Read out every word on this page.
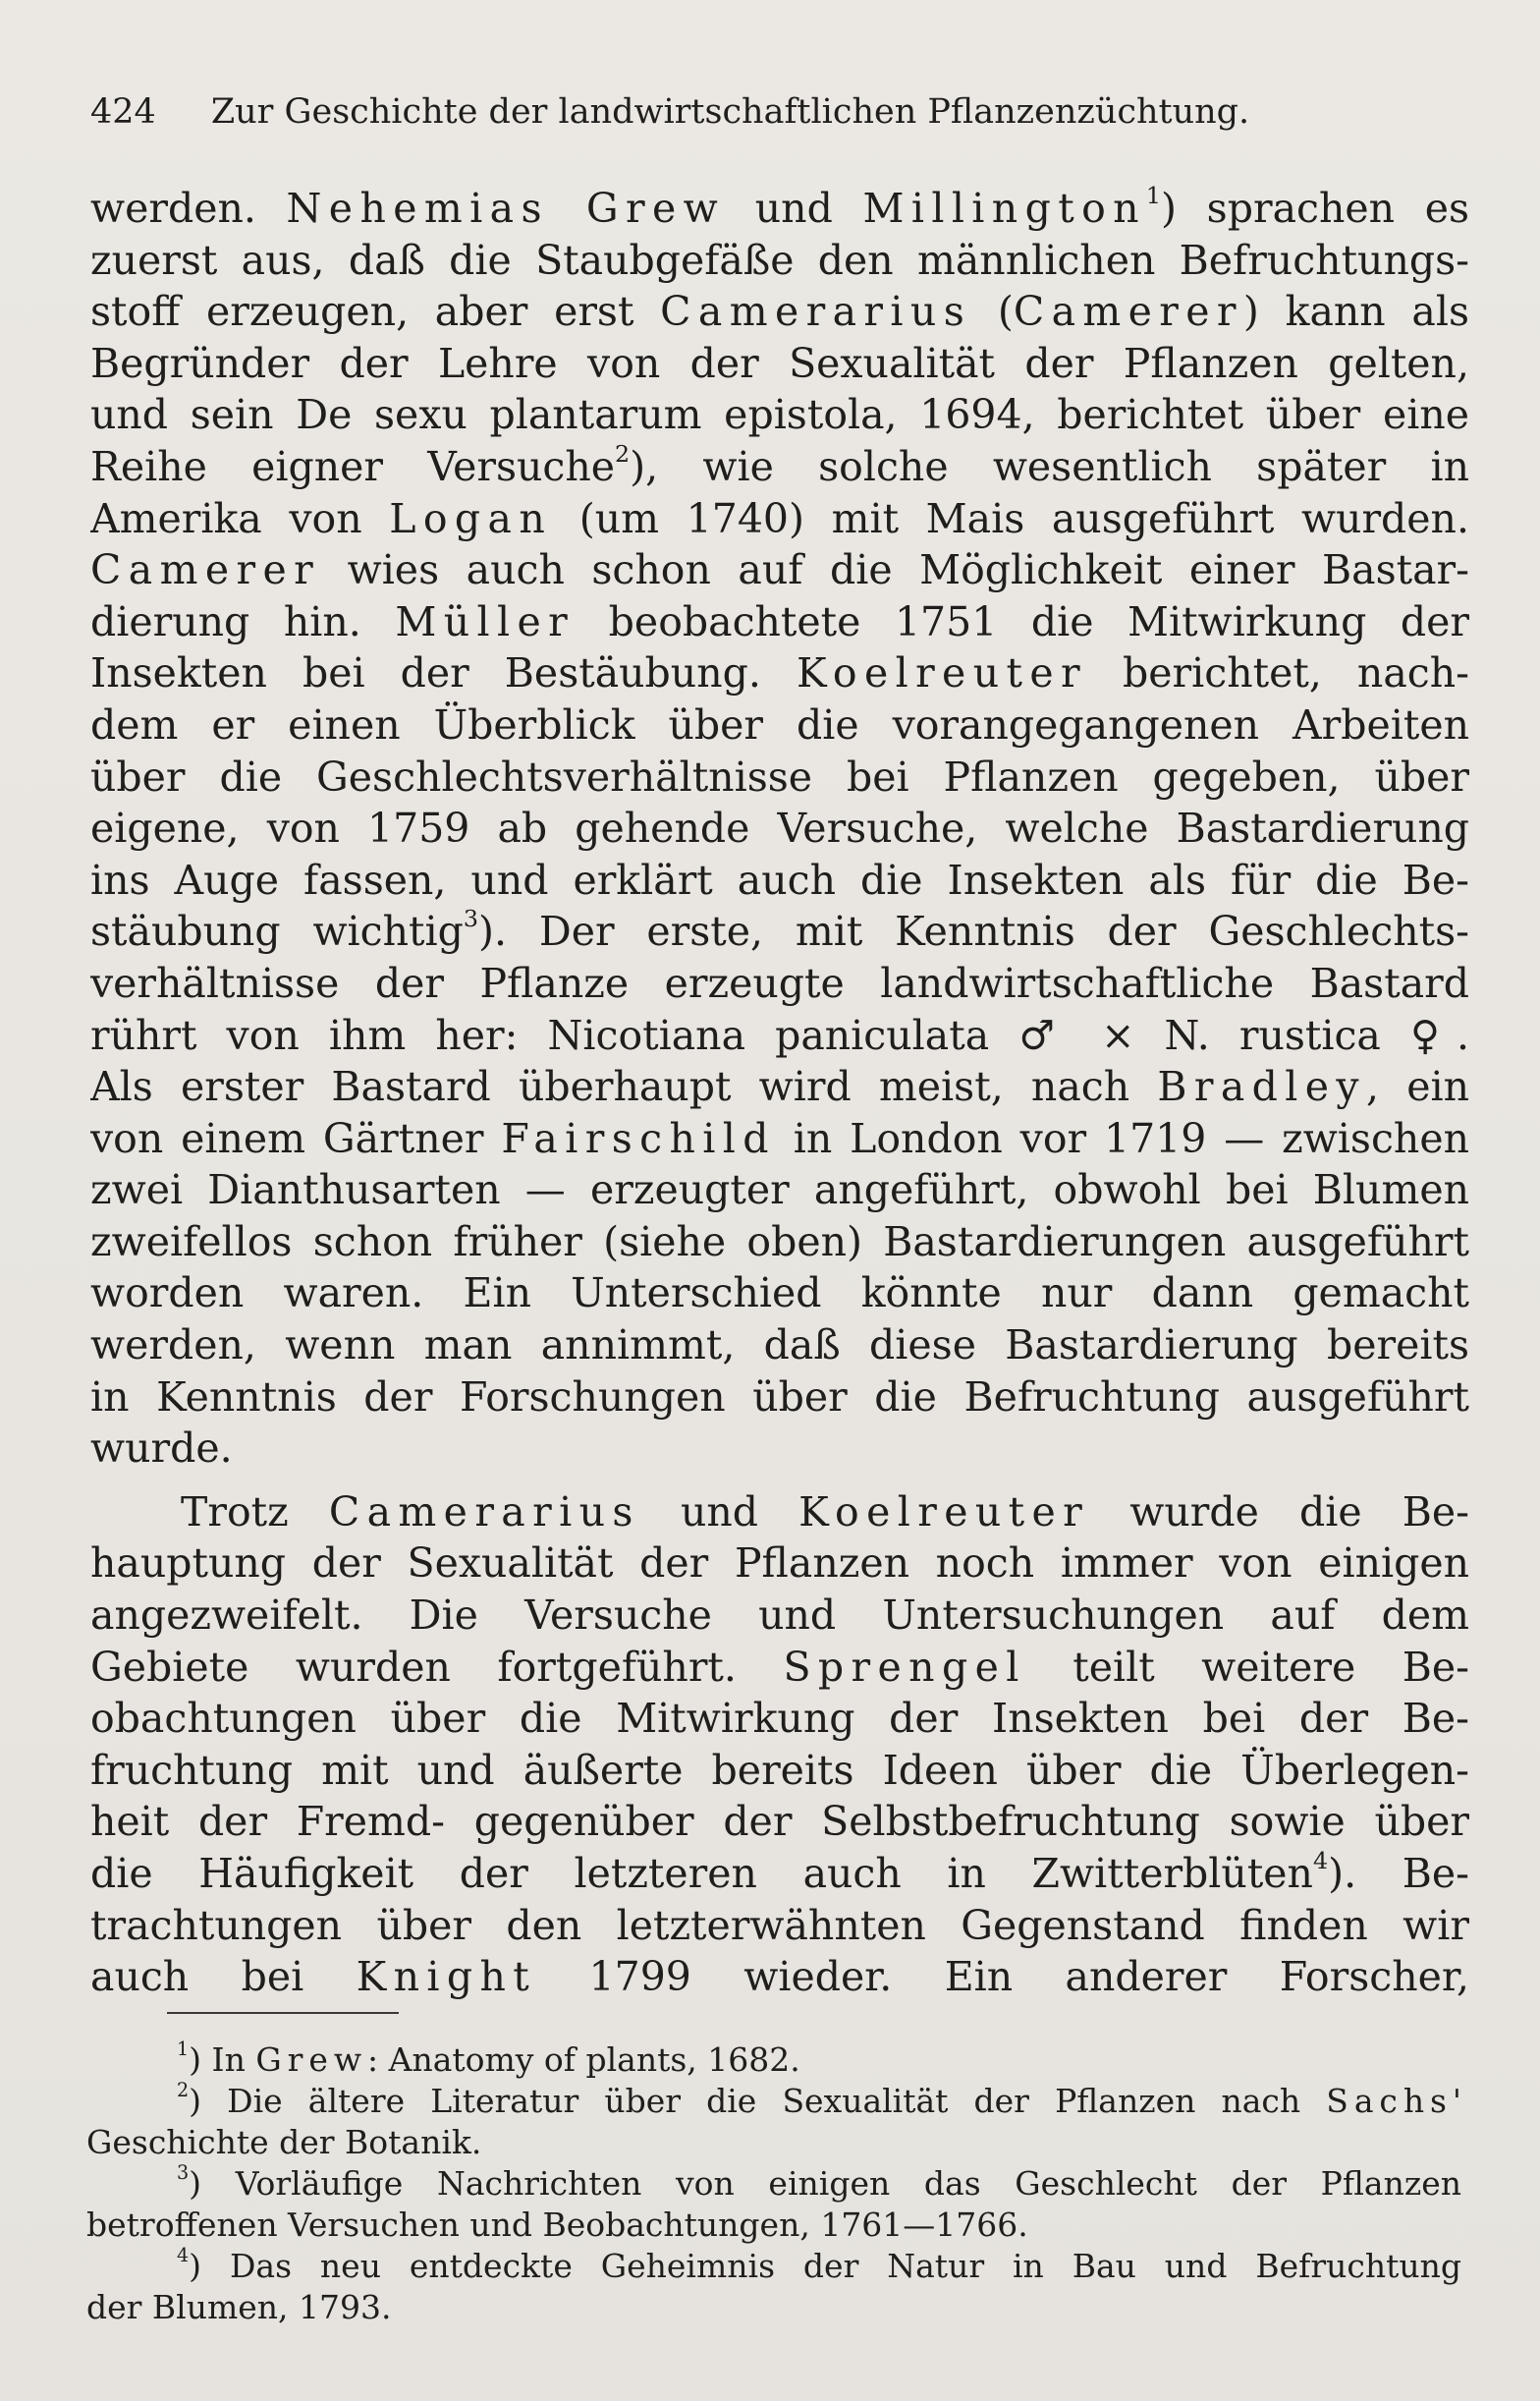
424 Zur Geschichte der landwirtschaftlichen Pflanzenzüchtung.
werden. Nehemias Grew und Millington$^1$) sprachen es
zuerst aus, daß die Staubgefäße den männlichen Befruchtungs-
stoff erzeugen, aber erst Camerarius (Camerer) kann als
Begründer der Lehre von der Sexualität der Pflanzen gelten,
und sein De sexu plantarum epistola, 1694, berichtet über eine
Reihe eigner Versuche$^2$), wie solche wesentlich später in
Amerika von Logan (um 1740) mit Mais ausgeführt wurden.
Camerer wies auch schon auf die Möglichkeit einer Bastar-
dierung hin. Müller beobachtete 1751 die Mitwirkung der
Insekten bei der Bestäubung. Koelreuter berichtet, nach-
dem er einen Überblick über die vorangegangenen Arbeiten
über die Geschlechtsverhältnisse bei Pflanzen gegeben, über
eigene, von 1759 ab gehende Versuche, welche Bastardierung
ins Auge fassen, und erklärt auch die Insekten als für die Be-
stäubung wichtig$^3$). Der erste, mit Kenntnis der Geschlechts-
verhältnisse der Pflanze erzeugte landwirtschaftliche Bastard
rührt von ihm her: Nicotiana paniculata ♂ × N. rustica ♀.
Als erster Bastard überhaupt wird meist, nach Bradley, ein
von einem Gärtner Fairschild in London vor 1719 — zwischen
zwei Dianthusarten — erzeugter angeführt, obwohl bei Blumen
zweifellos schon früher (siehe oben) Bastardierungen ausgeführt
worden waren. Ein Unterschied könnte nur dann gemacht
werden, wenn man annimmt, daß diese Bastardierung bereits
in Kenntnis der Forschungen über die Befruchtung ausgeführt
wurde.
Trotz Camerarius und Koelreuter wurde die Be-
hauptung der Sexualität der Pflanzen noch immer von einigen
angezweifelt. Die Versuche und Untersuchungen auf dem
Gebiete wurden fortgeführt. Sprengel teilt weitere Be-
obachtungen über die Mitwirkung der Insekten bei der Be-
fruchtung mit und äußerte bereits Ideen über die Überlegen-
heit der Fremd- gegenüber der Selbstbefruchtung sowie über
die Häufigkeit der letzteren auch in Zwitterblüten$^4$). Be-
trachtungen über den letzterwähnten Gegenstand finden wir
auch bei Knight 1799 wieder. Ein anderer Forscher,
$^1$) In Grew: Anatomy of plants, 1682.
$^2$) Die ältere Literatur über die Sexualität der Pflanzen nach Sachs'
Geschichte der Botanik.
$^3$) Vorläufige Nachrichten von einigen das Geschlecht der Pflanzen
betroffenen Versuchen und Beobachtungen, 1761—1766.
$^4$) Das neu entdeckte Geheimnis der Natur in Bau und Befruchtung
der Blumen, 1793.
